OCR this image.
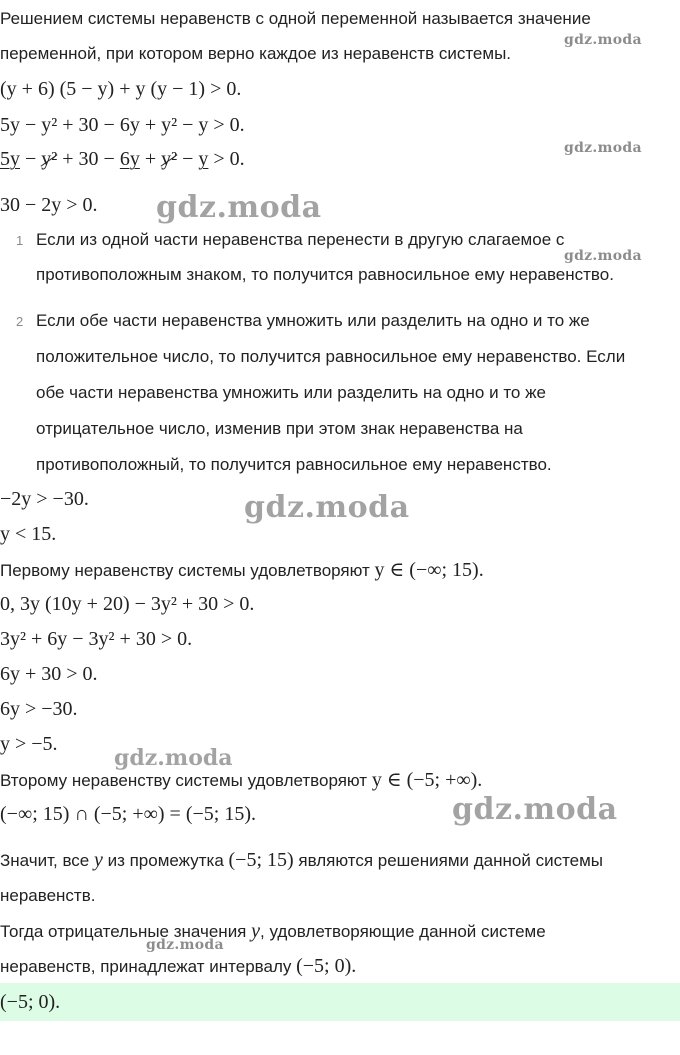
Решением системы неравенств с одной переменной называется значение
переменной, при котором верно каждое из неравенств системы.
gdz.moda
(y + 6) (5 − y) + y (y − 1) > 0.
5y − y² + 30 − 6y + y² − y > 0.
5y − y² + 30 − 6y + y² − y > 0.	gdz.moda
30 − 2y > 0. gdz.moda
1 Если из одной части неравенства перенести в другую слагаемое с
противоположным знаком, то получится равносильное ему неравенство.
gdz.moda
2 Если обе части неравенства умножить или разделить на одно и то же
положительное число, то получится равносильное ему неравенство. Если
обе части неравенства умножить или разделить на одно и то же
отрицательное число, изменив при этом знак неравенства на
противоположный, то получится равносильное ему неравенство.
−2y > −30.	gdz.moda
y < 15.
Первому неравенству системы удовлетворяют y ∈ (−∞; 15).
0, 3y (10y + 20) − 3y² + 30 > 0.
3y² + 6y − 3y² + 30 > 0.
6y + 30 > 0.
6y > −30.
y > −5.
gdz.moda
Второму неравенству системы удовлетворяют y ∈ (−5; +∞).
(−∞; 15) ∩ (−5; +∞) = (−5; 15).	gdz.moda
Значит, все y из промежутка (−5; 15) являются решениями данной системы
неравенств.
Тогда отрицательные значения y, удовлетворяющие данной системе
gdz.moda
неравенств, принадлежат интервалу (−5; 0).
(−5; 0).
